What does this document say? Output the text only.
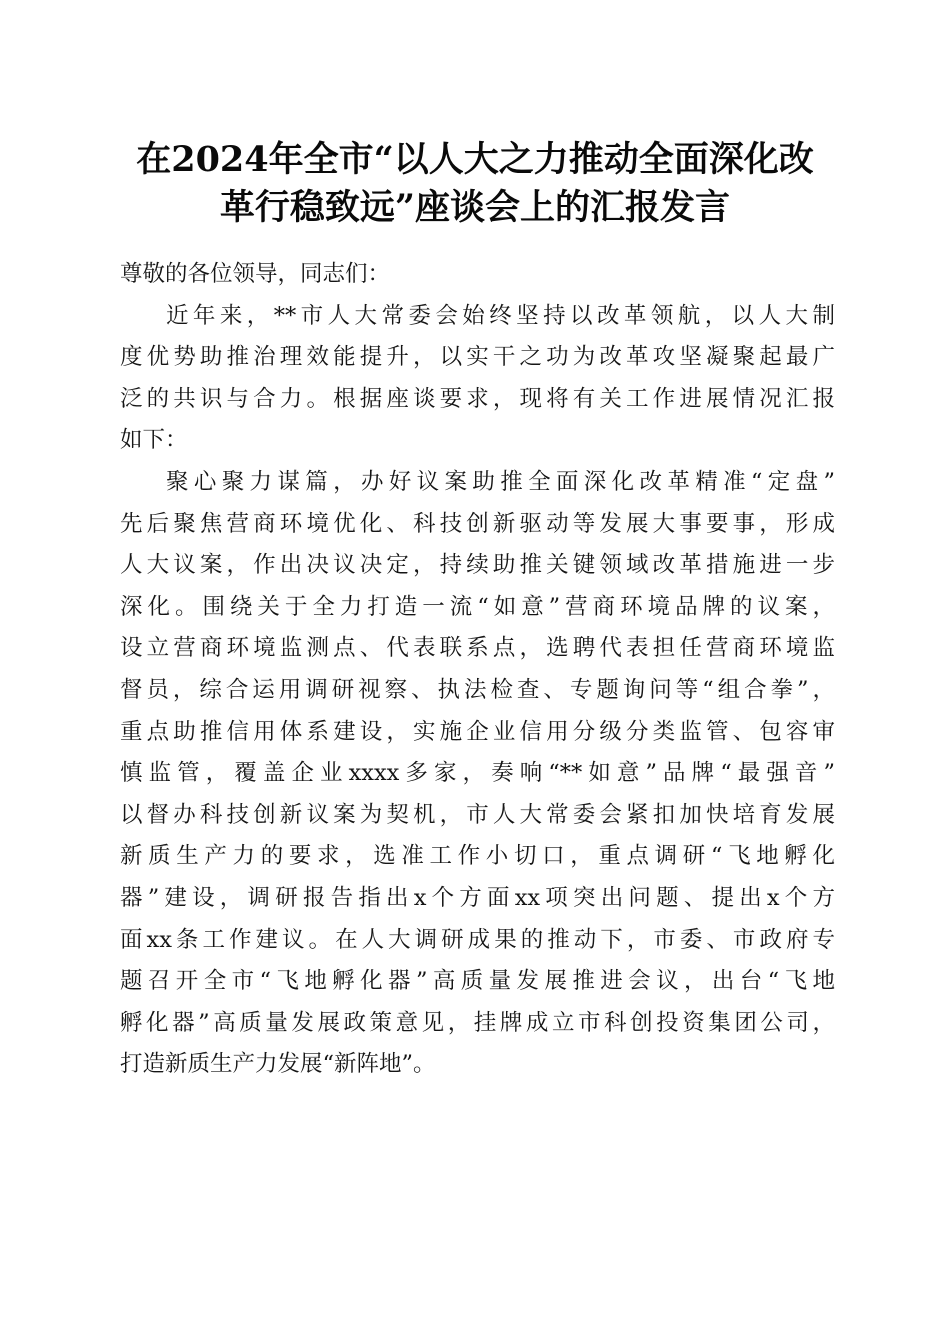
在2024年全市“以人大之力推动全面深化改
革行稳致远”座谈会上的汇报发言
尊敬的各位领导，同志们：
近年来，**市人大常委会始终坚持以改革领航，以人大制
度优势助推治理效能提升，以实干之功为改革攻坚凝聚起最广
泛的共识与合力。根据座谈要求，现将有关工作进展情况汇报
如下：
聚心聚力谋篇，办好议案助推全面深化改革精准“定盘”
先后聚焦营商环境优化、科技创新驱动等发展大事要事，形成
人大议案，作出决议决定，持续助推关键领域改革措施进一步
深化。围绕关于全力打造一流“如意”营商环境品牌的议案，
设立营商环境监测点、代表联系点，选聘代表担任营商环境监
督员，综合运用调研视察、执法检查、专题询问等“组合拳”，
重点助推信用体系建设，实施企业信用分级分类监管、包容审
慎监管，覆盖企业xxxx多家，奏响“**如意”品牌“最强音”
以督办科技创新议案为契机，市人大常委会紧扣加快培育发展
新质生产力的要求，选准工作小切口，重点调研“飞地孵化
器”建设，调研报告指出x个方面xx项突出问题、提出x个方
面xx条工作建议。在人大调研成果的推动下，市委、市政府专
题召开全市“飞地孵化器”高质量发展推进会议，出台“飞地
孵化器”高质量发展政策意见，挂牌成立市科创投资集团公司，
打造新质生产力发展“新阵地”。
